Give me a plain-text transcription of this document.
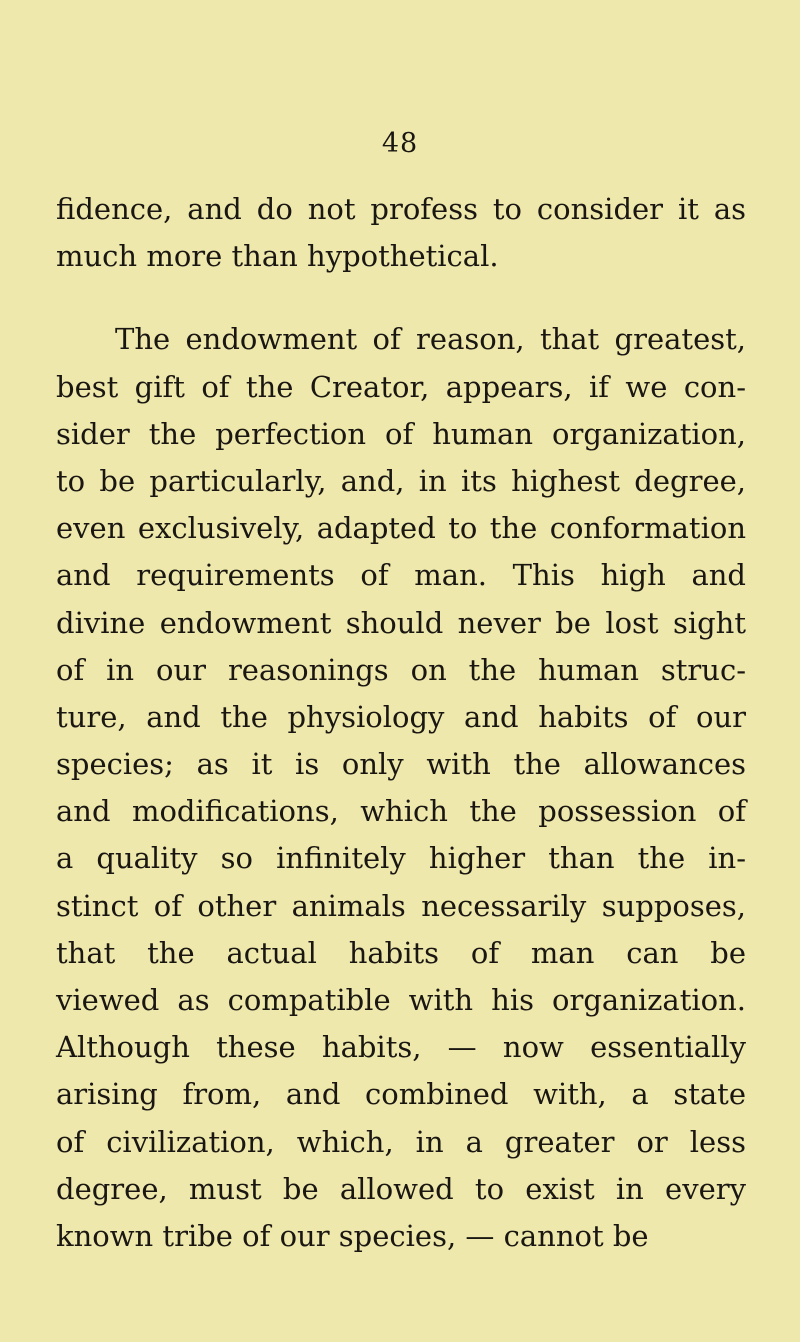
48
fidence, and do not profess to consider it as
much more than hypothetical.
The endowment of reason, that greatest,
best gift of the Creator, appears, if we con-
sider the perfection of human organization,
to be particularly, and, in its highest degree,
even exclusively, adapted to the conformation
and requirements of man. This high and
divine endowment should never be lost sight
of in our reasonings on the human struc-
ture, and the physiology and habits of our
species; as it is only with the allowances
and modifications, which the possession of
a quality so infinitely higher than the in-
stinct of other animals necessarily supposes,
that the actual habits of man can be
viewed as compatible with his organization.
Although these habits, — now essentially
arising from, and combined with, a state
of civilization, which, in a greater or less
degree, must be allowed to exist in every
known tribe of our species, — cannot be
